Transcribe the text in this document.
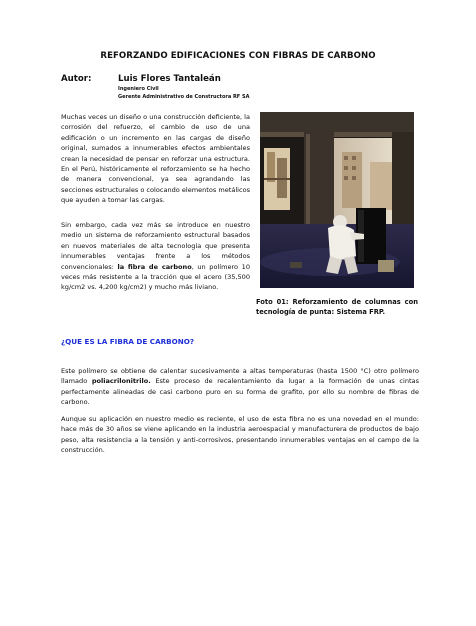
REFORZANDO EDIFICACIONES CON FIBRAS DE CARBONO
Autor:	Luis Flores Tantaleán
Ingeniero Civil
Gerente Administrativo de Constructora RF SA

Muchas veces un diseño o una construcción deficiente, la corrosión del refuerzo, el cambio de uso de una edificación o un incremento en las cargas de diseño original, sumados a innumerables efectos ambientales crean la necesidad de pensar en reforzar una estructura. En el Perú, históricamente el reforzamiento se ha hecho de manera convencional, ya sea agrandando las secciones estructurales o colocando elementos metálicos que ayuden a tomar las cargas.

Sin embargo, cada vez más se introduce en nuestro medio un sistema de reforzamiento estructural basados en nuevos materiales de alta tecnología que presenta innumerables ventajas frente a los métodos convencionales: la fibra de carbono, un polímero 10 veces más resistente a la tracción que el acero (35,500 kg/cm2 vs. 4,200 kg/cm2) y mucho más liviano.

Foto 01: Reforzamiento de columnas con tecnología de punta: Sistema FRP.
¿QUE ES LA FIBRA DE CARBONO?

Este polímero se obtiene de calentar sucesivamente a altas temperaturas (hasta 1500 °C) otro polímero llamado poliacrilonitrilo. Este proceso de recalentamiento da lugar a la formación de unas cintas perfectamente alineadas de casi carbono puro en su forma de grafito, por ello su nombre de fibras de carbono.

Aunque su aplicación en nuestro medio es reciente, el uso de esta fibra no es una novedad en el mundo: hace más de 30 años se viene aplicando en la industria aeroespacial y manufacturera de productos de bajo peso, alta resistencia a la tensión y anti-corrosivos, presentando innumerables ventajas en el campo de la construcción.
